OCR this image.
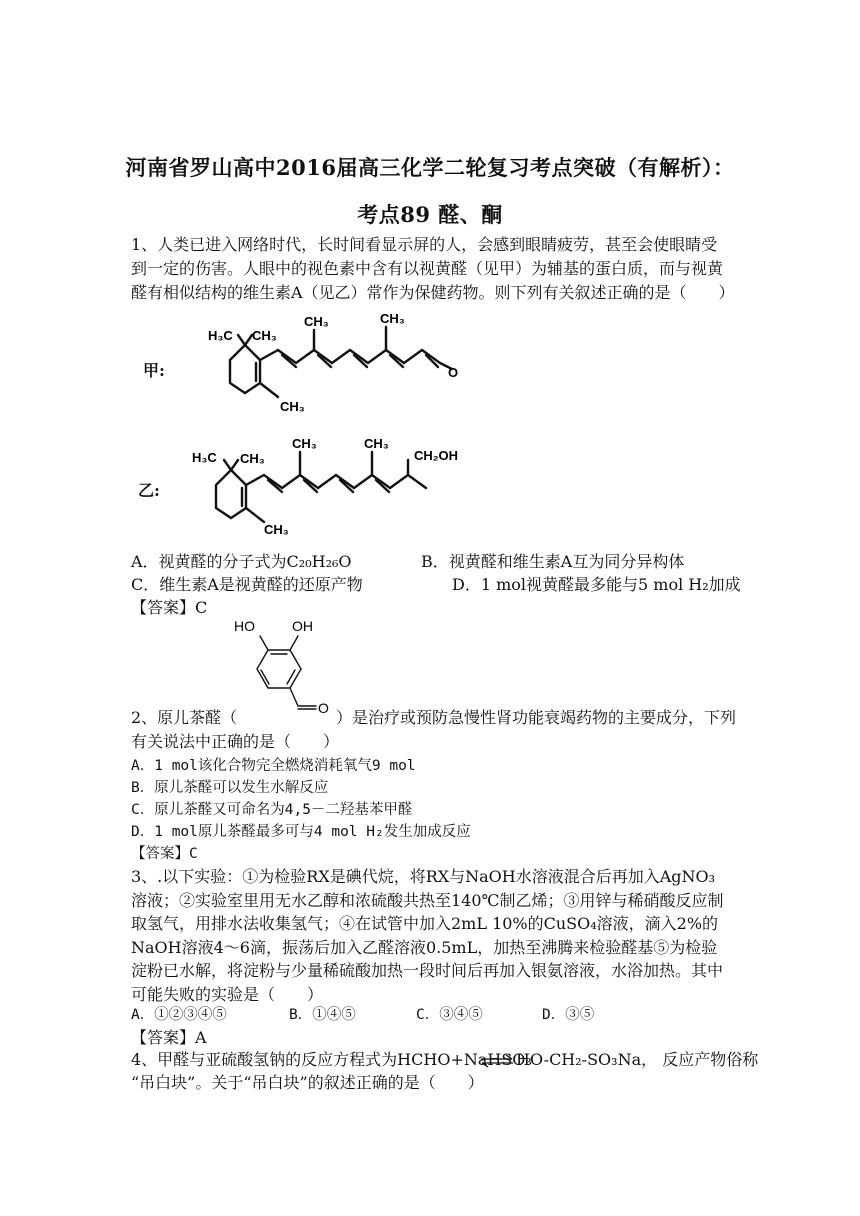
河南省罗山高中2016届高三化学二轮复习考点突破（有解析）：
考点89 醛、酮
1、人类已进入网络时代，长时间看显示屏的人，会感到眼睛疲劳，甚至会使眼睛受到一定的伤害。人眼中的视色素中含有以视黄醛（见甲）为辅基的蛋白质，而与视黄醛有相似结构的维生素A（见乙）常作为保健药物。则下列有关叙述正确的是（　　）
甲:
H₃C CH₃
CH₃	CH₃
CH₃
O
乙:
H₃C CH₃
CH₃	CH₃
CH₃
CH₂OH
A．视黄醛的分子式为C₂₀H₂₆O	B．视黄醛和维生素A互为同分异构体
C．维生素A是视黄醛的还原产物	D．1 mol视黄醛最多能与5 mol H₂加成
【答案】C
HO	OH
O
2、原儿茶醛（	）是治疗或预防急慢性肾功能衰竭药物的主要成分，下列
有关说法中正确的是（　　）
A．1 mol该化合物完全燃烧消耗氧气9 mol
B．原儿茶醛可以发生水解反应
C．原儿茶醛又可命名为4,5－二羟基苯甲醛
D．1 mol原儿茶醛最多可与4 mol H₂发生加成反应
【答案】C
3、.以下实验：①为检验RX是碘代烷，将RX与NaOH水溶液混合后再加入AgNO₃溶液；②实验室里用无水乙醇和浓硫酸共热至140℃制乙烯；③用锌与稀硝酸反应制取氢气，用排水法收集氢气；④在试管中加入2mL 10%的CuSO₄溶液，滴入2%的NaOH溶液4～6滴，振荡后加入乙醛溶液0.5mL，加热至沸腾来检验醛基⑤为检验淀粉已水解，将淀粉与少量稀硫酸加热一段时间后再加入银氨溶液，水浴加热。其中可能失败的实验是（　　）
A．①②③④⑤	B．①④⑤	C．③④⑤	D．③⑤
【答案】A
4、甲醛与亚硫酸氢钠的反应方程式为HCHO+NaHSO₃ ⇌ HO-CH₂-SO₃Na， 反应产物俗称
“吊白块”。关于“吊白块”的叙述正确的是（　　）
